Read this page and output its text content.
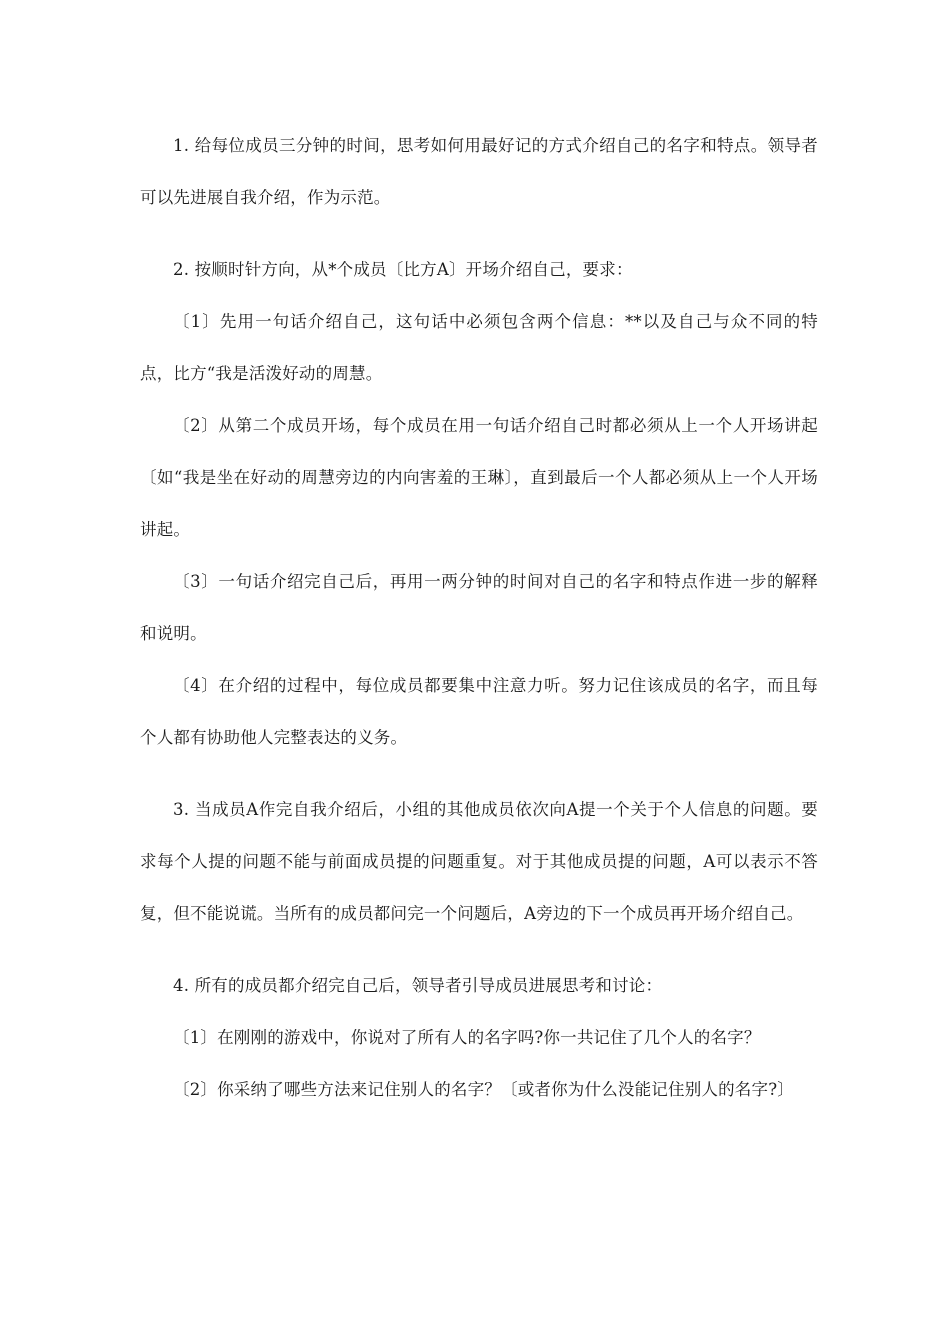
1. 给每位成员三分钟的时间，思考如何用最好记的方式介绍自己的名字和特点。领导者可以先进展自我介绍，作为示范。

2. 按顺时针方向，从*个成员〔比方A〕开场介绍自己，要求：

〔1〕先用一句话介绍自己，这句话中必须包含两个信息：**以及自己与众不同的特点，比方“我是活泼好动的周慧。

〔2〕从第二个成员开场，每个成员在用一句话介绍自己时都必须从上一个人开场讲起〔如“我是坐在好动的周慧旁边的内向害羞的王琳〕，直到最后一个人都必须从上一个人开场讲起。

〔3〕一句话介绍完自己后，再用一两分钟的时间对自己的名字和特点作进一步的解释和说明。

〔4〕在介绍的过程中，每位成员都要集中注意力听。努力记住该成员的名字，而且每个人都有协助他人完整表达的义务。

3. 当成员A作完自我介绍后，小组的其他成员依次向A提一个关于个人信息的问题。要求每个人提的问题不能与前面成员提的问题重复。对于其他成员提的问题，A可以表示不答复，但不能说谎。当所有的成员都问完一个问题后，A旁边的下一个成员再开场介绍自己。

4. 所有的成员都介绍完自己后，领导者引导成员进展思考和讨论：

〔1〕在刚刚的游戏中，你说对了所有人的名字吗?你一共记住了几个人的名字？

〔2〕你采纳了哪些方法来记住别人的名字？〔或者你为什么没能记住别人的名字?〕
